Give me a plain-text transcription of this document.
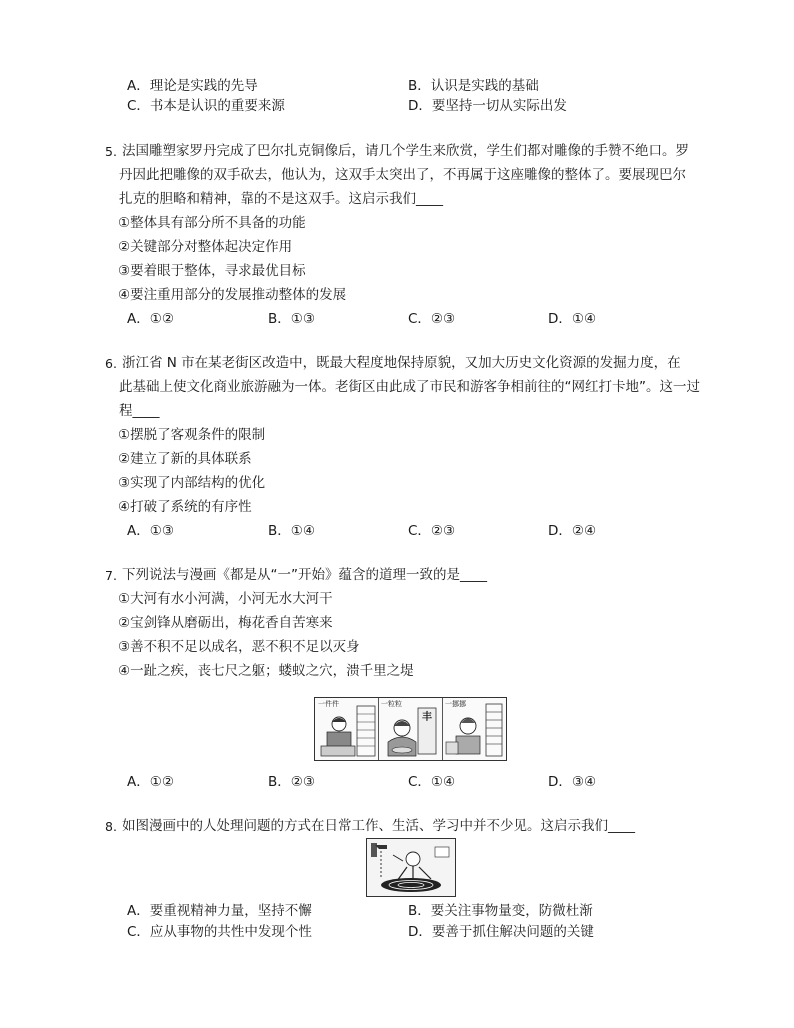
A．理论是实践的先导	B．认识是实践的基础
C．书本是认识的重要来源	D．要坚持一切从实际出发
5. 法国雕塑家罗丹完成了巴尔扎克铜像后，请几个学生来欣赏，学生们都对雕像的手赞不绝口。罗
丹因此把雕像的双手砍去，他认为，这双手太突出了，不再属于这座雕像的整体了。要展现巴尔
扎克的胆略和精神，靠的不是这双手。这启示我们____
①整体具有部分所不具备的功能
②关键部分对整体起决定作用
③要着眼于整体，寻求最优目标
④要注重用部分的发展推动整体的发展
A．①②	B．①③	C．②③	D．①④
6. 浙江省 N 市在某老街区改造中，既最大程度地保持原貌，又加大历史文化资源的发掘力度，在
此基础上使文化商业旅游融为一体。老街区由此成了市民和游客争相前往的“网红打卡地”。这一过
程____
①摆脱了客观条件的限制
②建立了新的具体联系
③实现了内部结构的优化
④打破了系统的有序性
A．①③	B．①④	C．②③	D．②④
7. 下列说法与漫画《都是从“一”开始》蕴含的道理一致的是____
①大河有水小河满，小河无水大河干
②宝剑锋从磨砺出，梅花香自苦寒来
③善不积不足以成名，恶不积不足以灭身
④一趾之疾，丧七尺之躯；蝼蚁之穴，溃千里之堤
一件件	一粒粒
丰
一挪挪
A．①②	B．②③	C．①④	D．③④
8. 如图漫画中的人处理问题的方式在日常工作、生活、学习中并不少见。这启示我们____
A．要重视精神力量，坚持不懈	B．要关注事物量变，防微杜渐
C．应从事物的共性中发现个性	D．要善于抓住解决问题的关键
